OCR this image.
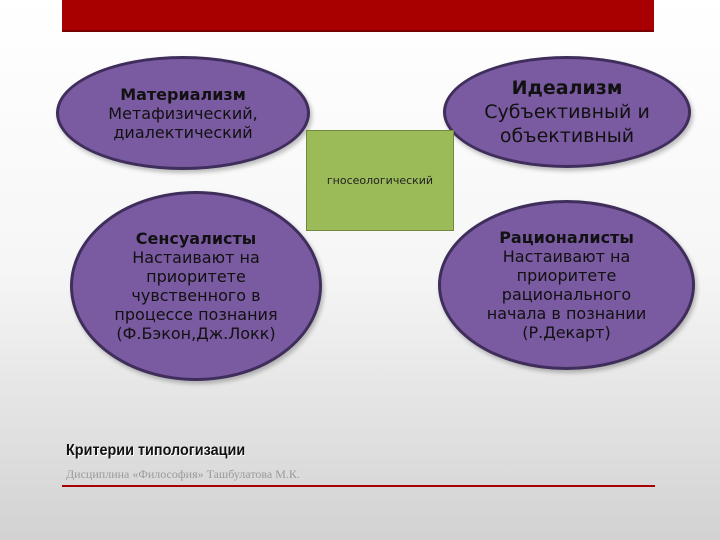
Материализм
Метафизический,
диалектический
Идеализм
Субъективный и
объективный
гносеологический
Сенсуалисты
Настаивают на
приоритете
чувственного в
процессе познания
(Ф.Бэкон,Дж.Локк)
Рационалисты
Настаивают на
приоритете
рационального
начала в познании
(Р.Декарт)
Критерии типологизации
Дисциплина «Философия» Ташбулатова М.К.
